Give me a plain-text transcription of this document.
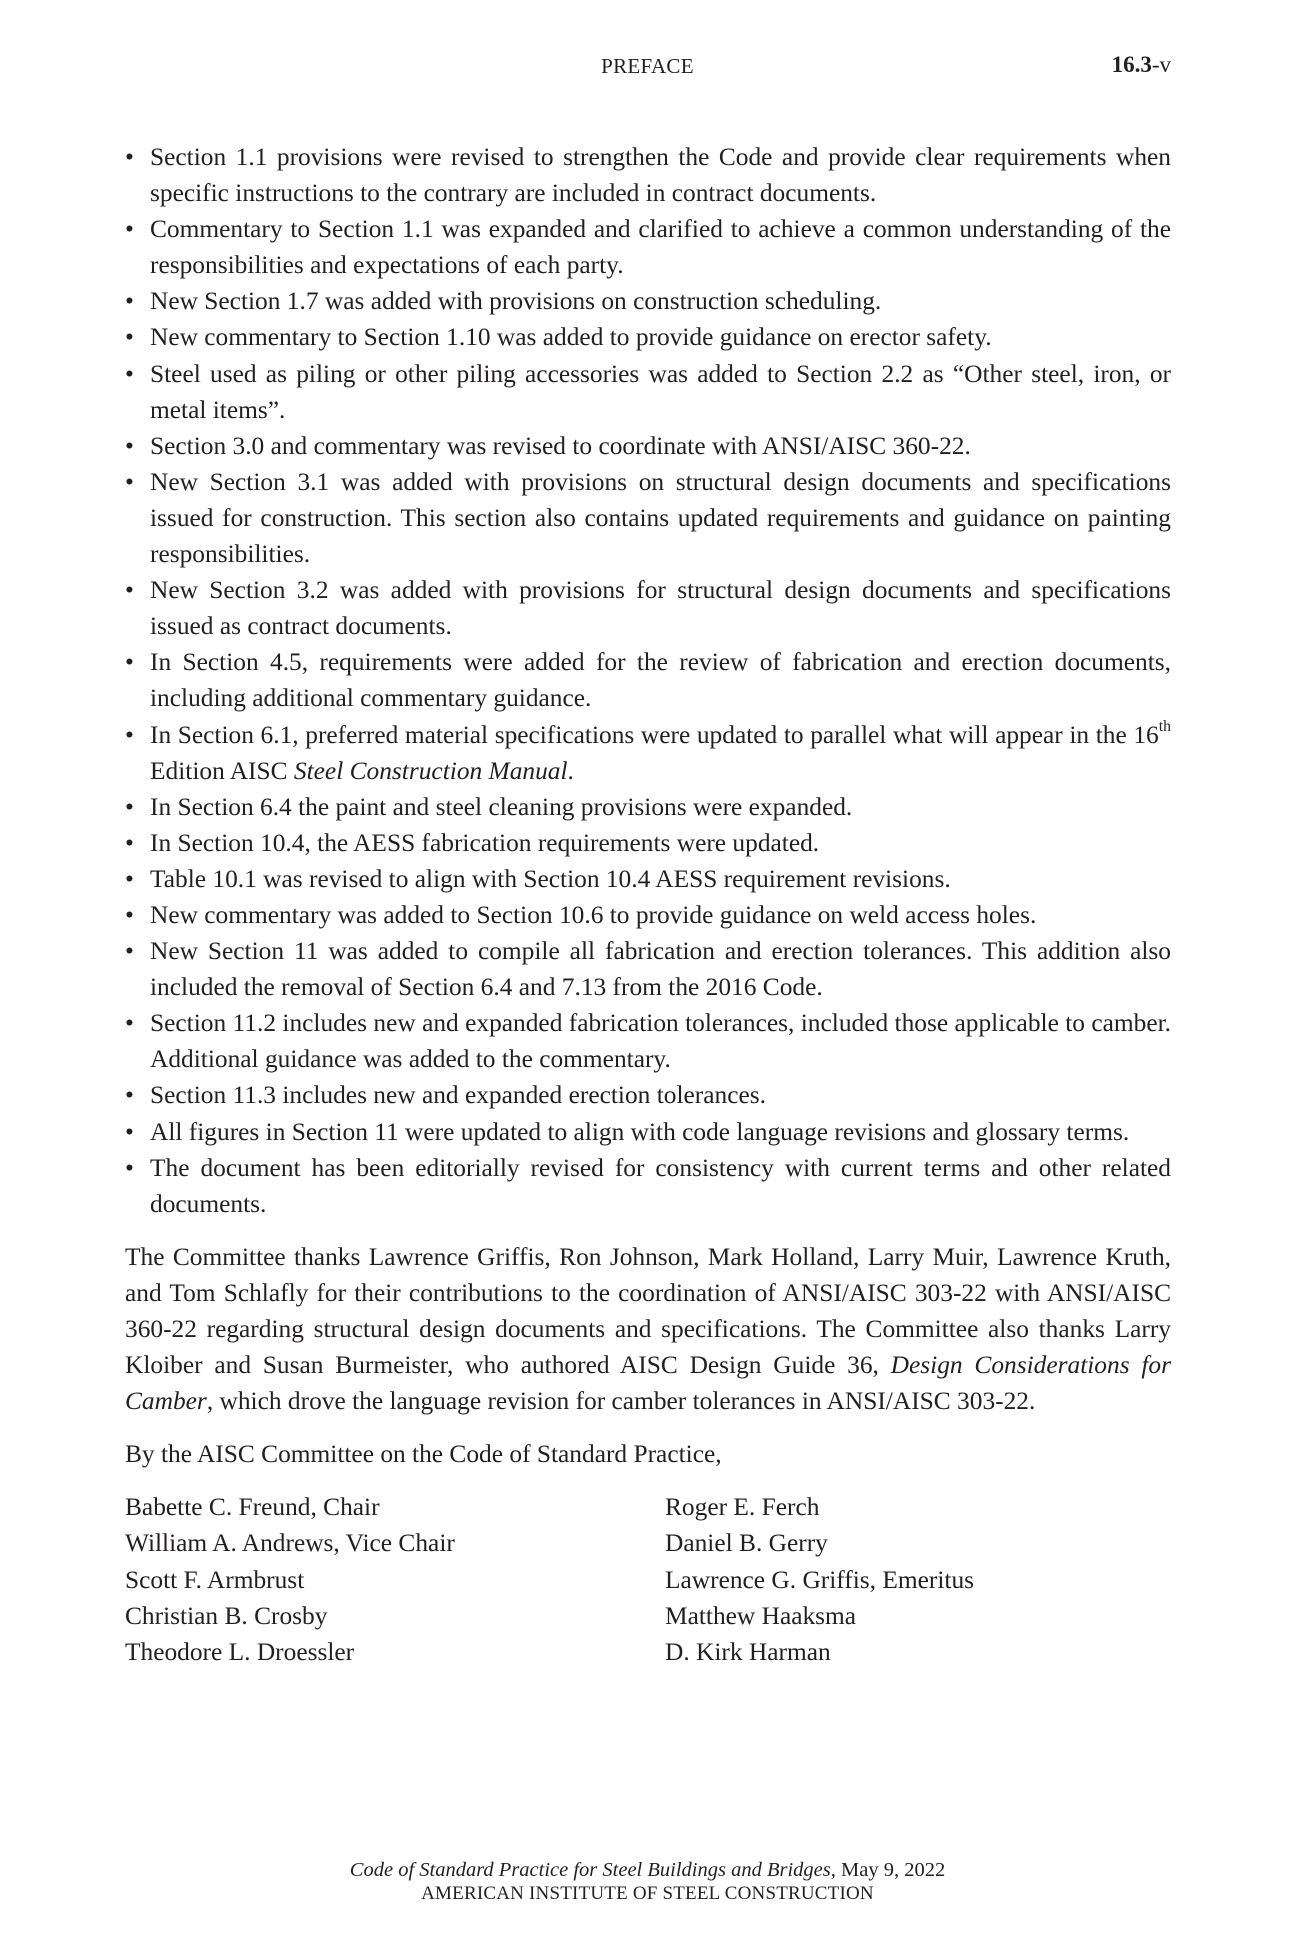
PREFACE	16.3-v
• Section 1.1 provisions were revised to strengthen the Code and provide clear requirements when specific instructions to the contrary are included in contract documents.
• Commentary to Section 1.1 was expanded and clarified to achieve a common understanding of the responsibilities and expectations of each party.
• New Section 1.7 was added with provisions on construction scheduling.
• New commentary to Section 1.10 was added to provide guidance on erector safety.
• Steel used as piling or other piling accessories was added to Section 2.2 as “Other steel, iron, or metal items”.
• Section 3.0 and commentary was revised to coordinate with ANSI/AISC 360-22.
• New Section 3.1 was added with provisions on structural design documents and specifications issued for construction. This section also contains updated requirements and guidance on painting responsibilities.
• New Section 3.2 was added with provisions for structural design documents and specifications issued as contract documents.
• In Section 4.5, requirements were added for the review of fabrication and erection documents, including additional commentary guidance.
• In Section 6.1, preferred material specifications were updated to parallel what will appear in the 16th Edition AISC Steel Construction Manual.
• In Section 6.4 the paint and steel cleaning provisions were expanded.
• In Section 10.4, the AESS fabrication requirements were updated.
• Table 10.1 was revised to align with Section 10.4 AESS requirement revisions.
• New commentary was added to Section 10.6 to provide guidance on weld access holes.
• New Section 11 was added to compile all fabrication and erection tolerances. This addition also included the removal of Section 6.4 and 7.13 from the 2016 Code.
• Section 11.2 includes new and expanded fabrication tolerances, included those applicable to camber. Additional guidance was added to the commentary.
• Section 11.3 includes new and expanded erection tolerances.
• All figures in Section 11 were updated to align with code language revisions and glossary terms.
• The document has been editorially revised for consistency with current terms and other related documents.

The Committee thanks Lawrence Griffis, Ron Johnson, Mark Holland, Larry Muir, Lawrence Kruth, and Tom Schlafly for their contributions to the coordination of ANSI/AISC 303-22 with ANSI/AISC 360-22 regarding structural design documents and specifications. The Committee also thanks Larry Kloiber and Susan Burmeister, who authored AISC Design Guide 36, Design Considerations for Camber, which drove the language revision for camber tolerances in ANSI/AISC 303-22.

By the AISC Committee on the Code of Standard Practice,

Babette C. Freund, Chair
William A. Andrews, Vice Chair
Scott F. Armbrust
Christian B. Crosby
Theodore L. Droessler
Roger E. Ferch
Daniel B. Gerry
Lawrence G. Griffis, Emeritus
Matthew Haaksma
D. Kirk Harman
Code of Standard Practice for Steel Buildings and Bridges, May 9, 2022
AMERICAN INSTITUTE OF STEEL CONSTRUCTION
